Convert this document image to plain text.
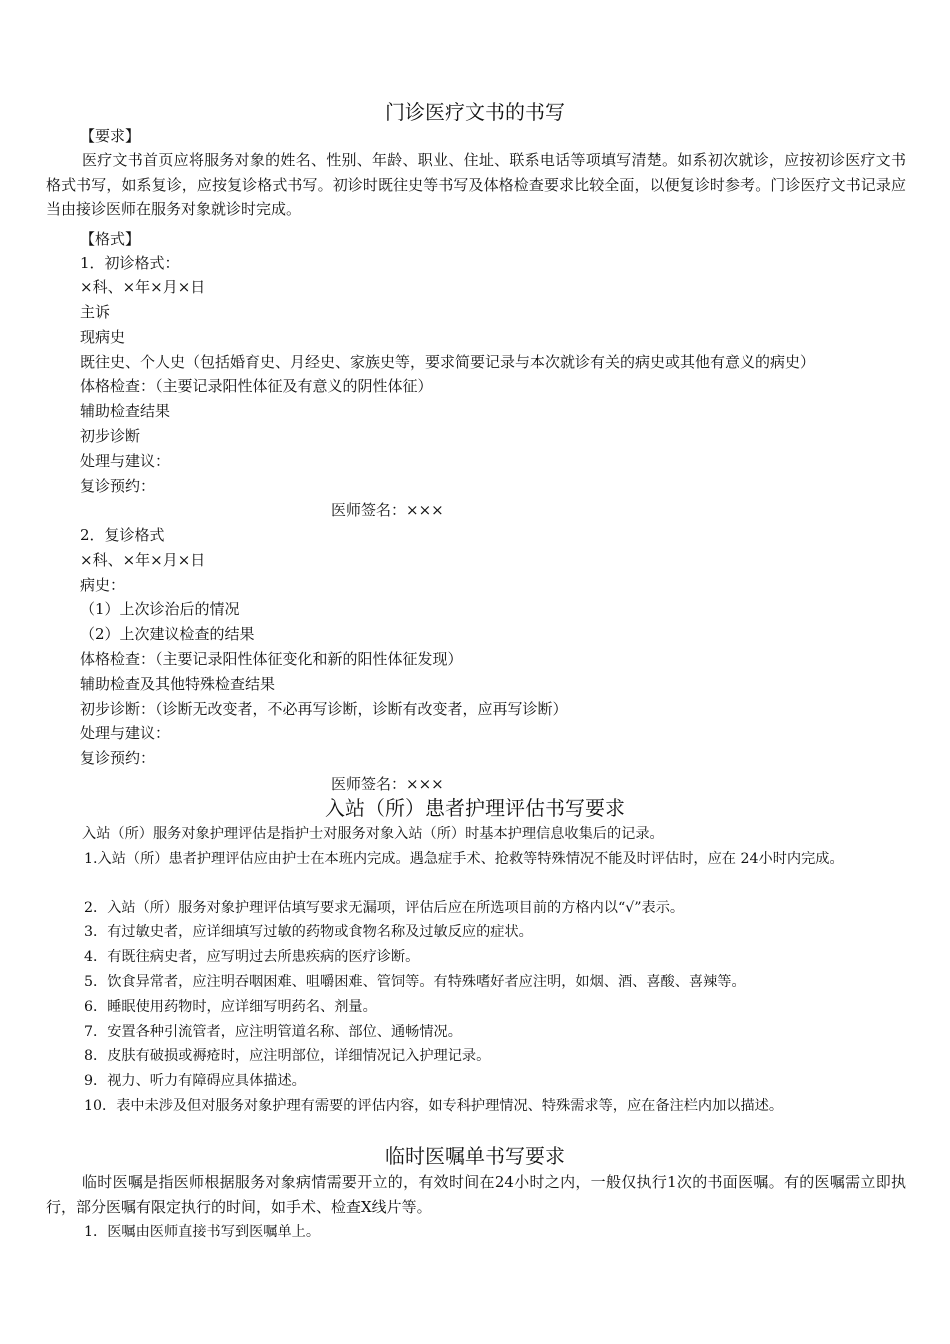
门诊医疗文书的书写
【要求】
医疗文书首页应将服务对象的姓名、性别、年龄、职业、住址、联系电话等项填写清楚。如系初次就诊，应按初诊医疗文书格式书写，如系复诊，应按复诊格式书写。初诊时既往史等书写及体格检查要求比较全面，以便复诊时参考。门诊医疗文书记录应当由接诊医师在服务对象就诊时完成。
【格式】
1．初诊格式：
×科、×年×月×日
主诉
现病史
既往史、个人史（包括婚育史、月经史、家族史等，要求简要记录与本次就诊有关的病史或其他有意义的病史）
体格检查：（主要记录阳性体征及有意义的阴性体征）
辅助检查结果
初步诊断
处理与建议：
复诊预约：
医师签名：×××
2．复诊格式
×科、×年×月×日
病史：
（1）上次诊治后的情况
（2）上次建议检查的结果
体格检查：（主要记录阳性体征变化和新的阳性体征发现）
辅助检查及其他特殊检查结果
初步诊断：（诊断无改变者，不必再写诊断，诊断有改变者，应再写诊断）
处理与建议：
复诊预约：
医师签名：×××
入站（所）患者护理评估书写要求
入站（所）服务对象护理评估是指护士对服务对象入站（所）时基本护理信息收集后的记录。
1.入站（所）患者护理评估应由护士在本班内完成。遇急症手术、抢救等特殊情况不能及时评估时，应在 24小时内完成。
2．入站（所）服务对象护理评估填写要求无漏项，评估后应在所选项目前的方格内以“√”表示。
3．有过敏史者，应详细填写过敏的药物或食物名称及过敏反应的症状。
4．有既往病史者，应写明过去所患疾病的医疗诊断。
5．饮食异常者，应注明吞咽困难、咀嚼困难、管饲等。有特殊嗜好者应注明，如烟、酒、喜酸、喜辣等。
6．睡眠使用药物时，应详细写明药名、剂量。
7．安置各种引流管者，应注明管道名称、部位、通畅情况。
8．皮肤有破损或褥疮时，应注明部位，详细情况记入护理记录。
9．视力、听力有障碍应具体描述。
10．表中未涉及但对服务对象护理有需要的评估内容，如专科护理情况、特殊需求等，应在备注栏内加以描述。
临时医嘱单书写要求
临时医嘱是指医师根据服务对象病情需要开立的，有效时间在24小时之内，一般仅执行1次的书面医嘱。有的医嘱需立即执行，部分医嘱有限定执行的时间，如手术、检查X线片等。
1．医嘱由医师直接书写到医嘱单上。
